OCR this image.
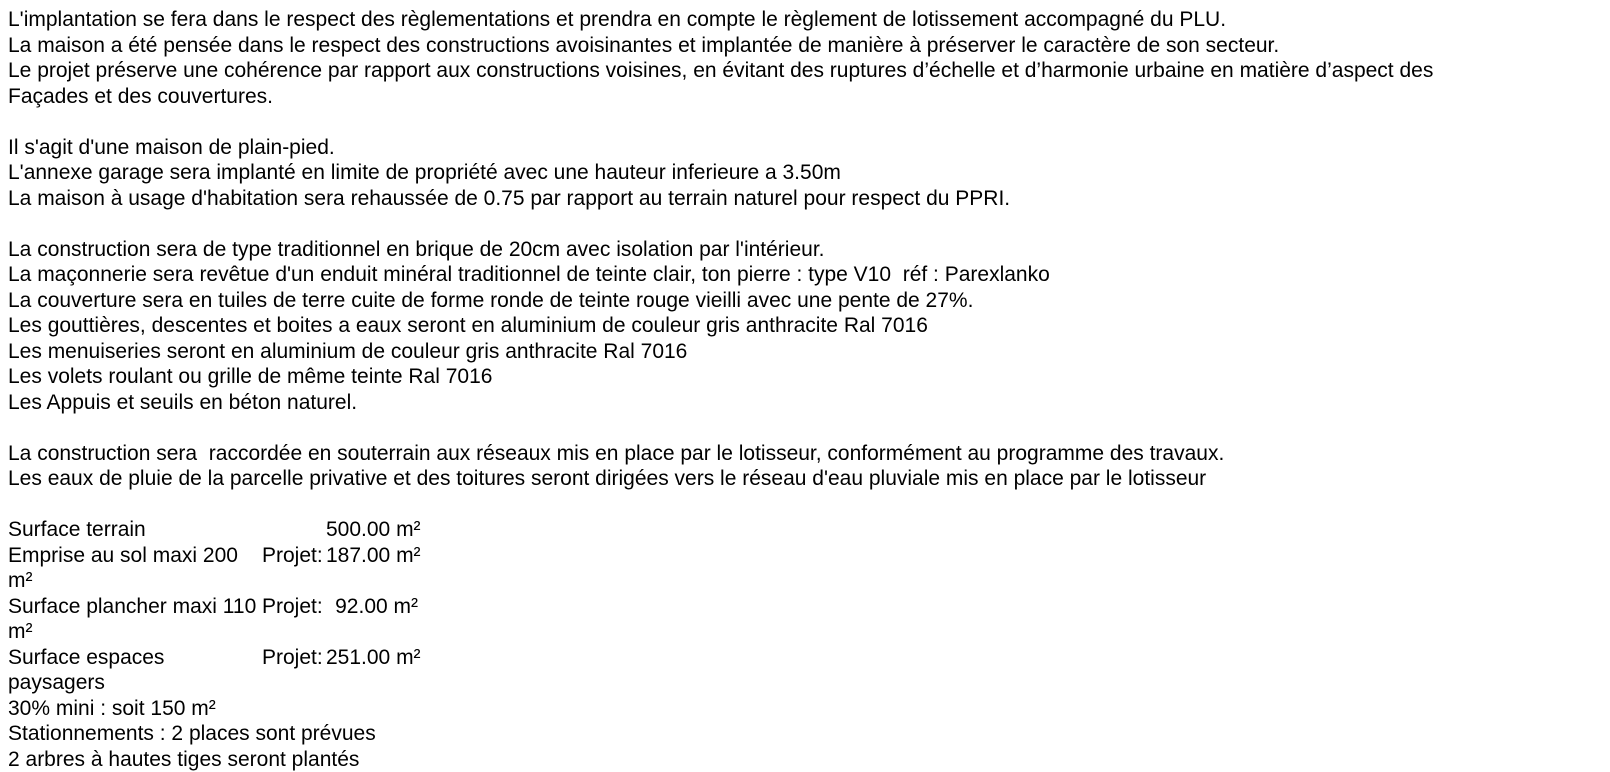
L'implantation se fera dans le respect des règlementations et prendra en compte le règlement de lotissement accompagné du PLU.
La maison a été pensée dans le respect des constructions avoisinantes et implantée de manière à préserver le caractère de son secteur.
Le projet préserve une cohérence par rapport aux constructions voisines, en évitant des ruptures d’échelle et d’harmonie urbaine en matière d’aspect des
Façades et des couvertures.
Il s'agit d'une maison de plain-pied.
L'annexe garage sera implanté en limite de propriété avec une hauteur inferieure a 3.50m
La maison à usage d'habitation sera rehaussée de 0.75 par rapport au terrain naturel pour respect du PPRI.
La construction sera de type traditionnel en brique de 20cm avec isolation par l'intérieur.
La maçonnerie sera revêtue d'un enduit minéral traditionnel de teinte clair, ton pierre : type V10  réf : Parexlanko
La couverture sera en tuiles de terre cuite de forme ronde de teinte rouge vieilli avec une pente de 27%.
Les gouttières, descentes et boites a eaux seront en aluminium de couleur gris anthracite Ral 7016
Les menuiseries seront en aluminium de couleur gris anthracite Ral 7016
Les volets roulant ou grille de même teinte Ral 7016
Les Appuis et seuils en béton naturel.
La construction sera  raccordée en souterrain aux réseaux mis en place par le lotisseur, conformément au programme des travaux.
Les eaux de pluie de la parcelle privative et des toitures seront dirigées vers le réseau d'eau pluviale mis en place par le lotisseur
Surface terrain	500.00 m²
Emprise au sol maxi 200 m²
Projet: 187.00 m²
Surface plancher maxi 110 m²
Projet: 92.00 m²
Surface espaces paysagers
Projet: 251.00 m²
30% mini : soit 150 m²
Stationnements : 2 places sont prévues
2 arbres à hautes tiges seront plantés
